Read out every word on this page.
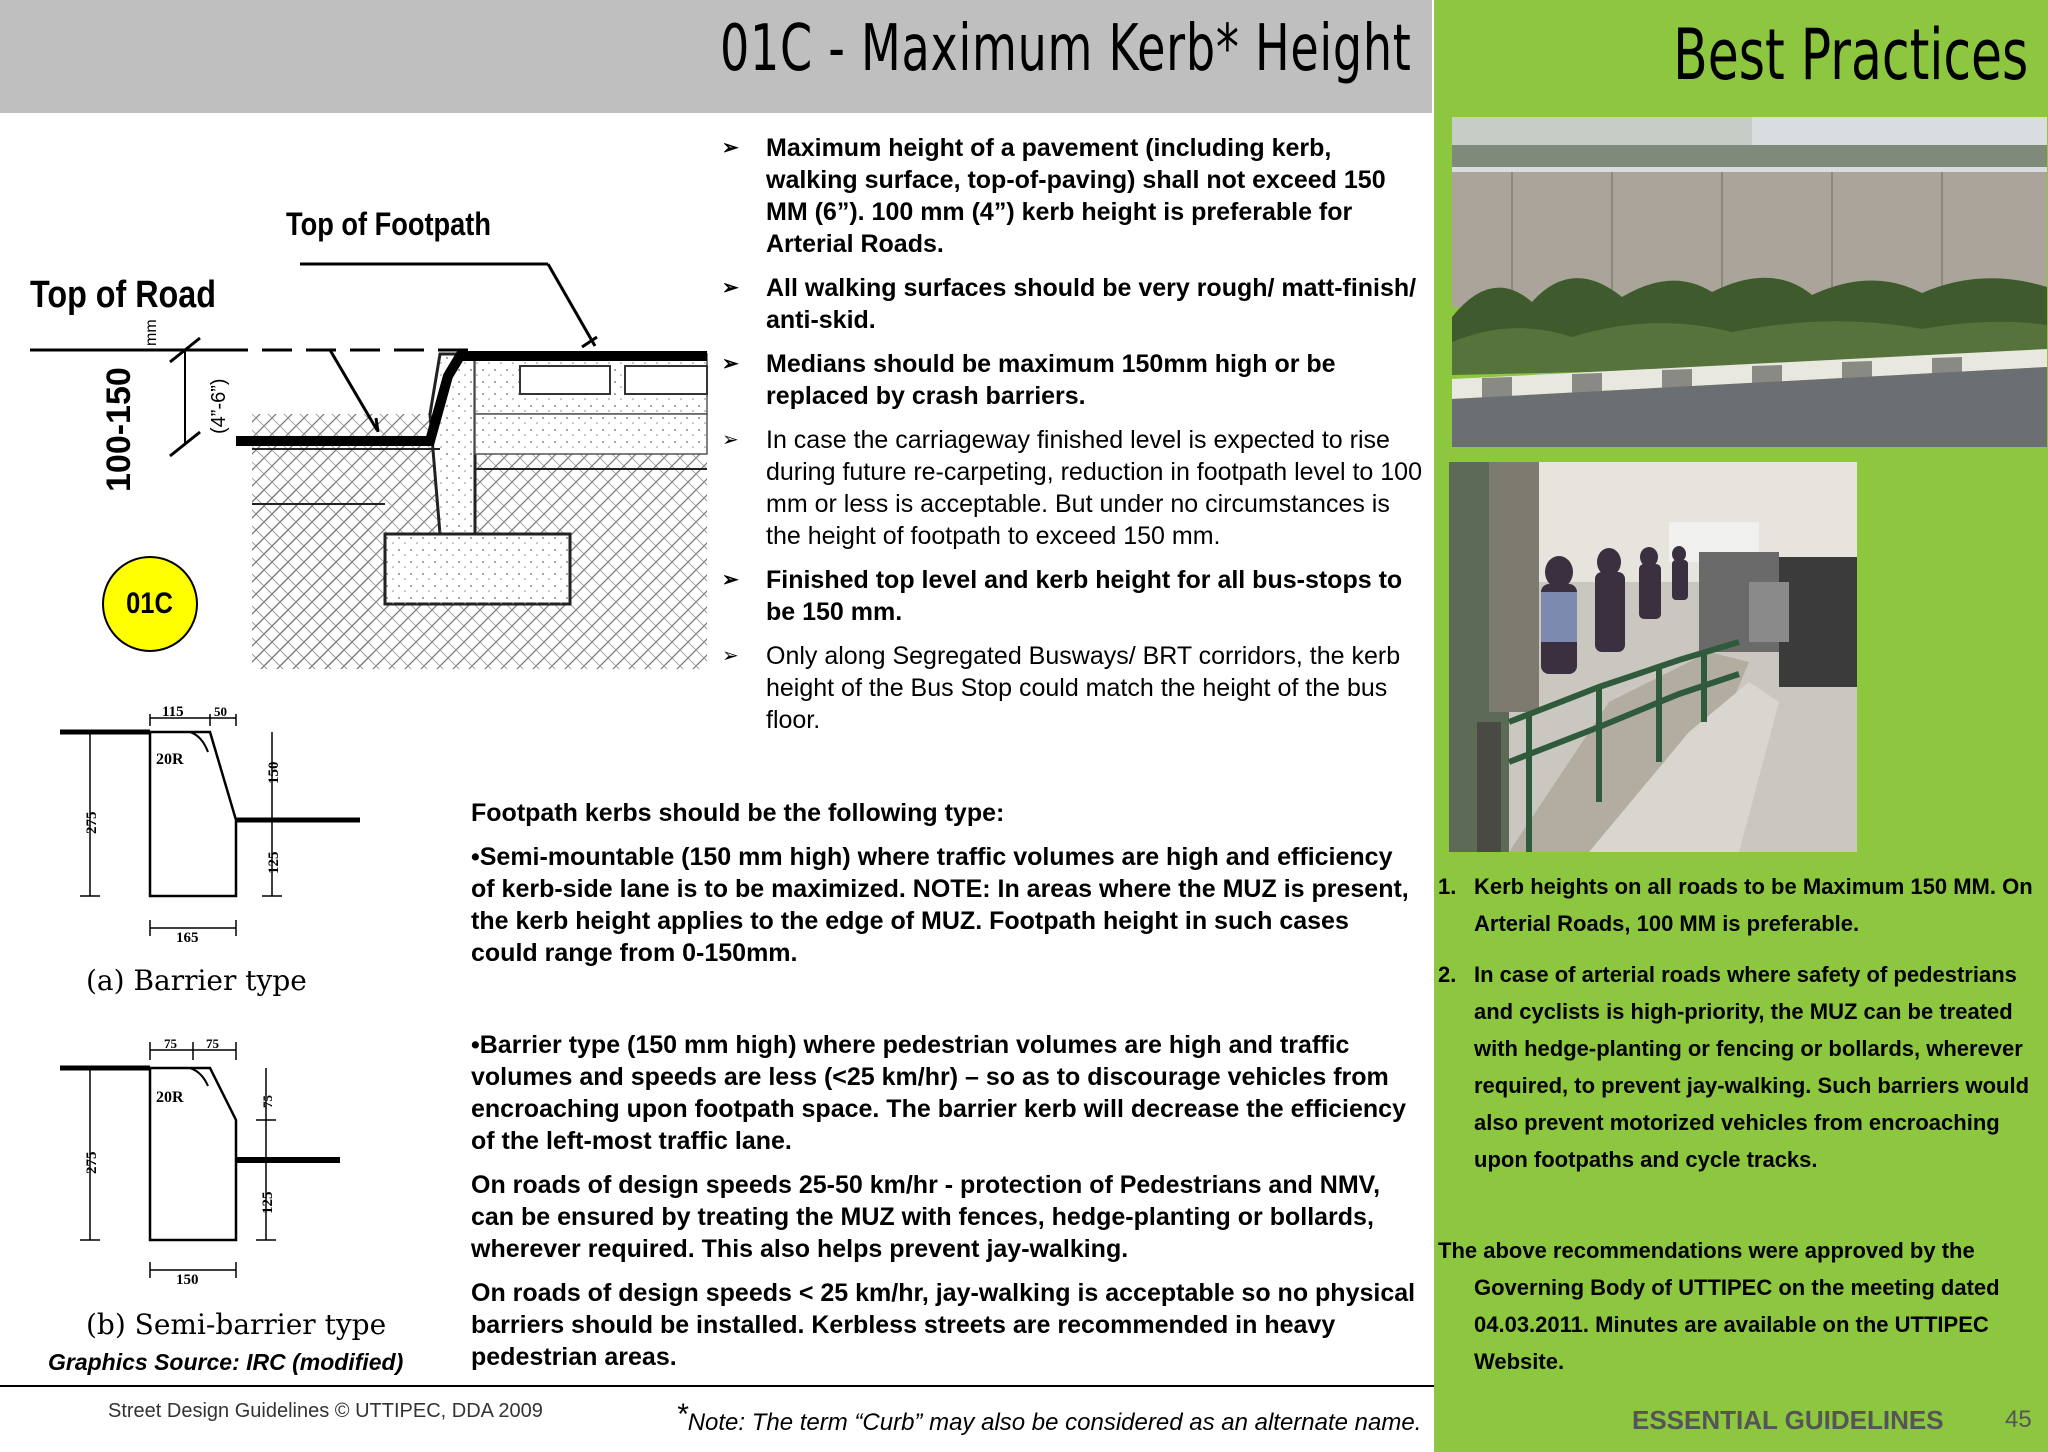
01C - Maximum Kerb* Height	Best Practices
➢ Maximum height of a pavement (including kerb, walking surface, top-of-paving) shall not exceed 150 MM (6”). 100 mm (4”) kerb height is preferable for Arterial Roads.
➢ All walking surfaces should be very rough/ matt-finish/ anti-skid.
➢ Medians should be maximum 150mm high or be replaced by crash barriers.
➢ In case the carriageway finished level is expected to rise during future re-carpeting, reduction in footpath level to 100 mm or less is acceptable. But under no circumstances is the height of footpath to exceed 150 mm.
➢ Finished top level and kerb height for all bus-stops to be 150 mm.
➢ Only along Segregated Busways/ BRT corridors, the kerb height of the Bus Stop could match the height of the bus floor.
Top of Footpath
Top of Road
100-150
mm
(4”-6”)
01C
115 50
20R
150
275
125
165
(a) Barrier type
75 75
20R	75
275
125
150
(b) Semi-barrier type
Graphics Source: IRC (modified)

Footpath kerbs should be the following type:

•Semi-mountable (150 mm high) where traffic volumes are high and efficiency of kerb-side lane is to be maximized. NOTE: In areas where the MUZ is present, the kerb height applies to the edge of MUZ. Footpath height in such cases could range from 0-150mm.

•Barrier type (150 mm high) where pedestrian volumes are high and traffic volumes and speeds are less (<25 km/hr) – so as to discourage vehicles from encroaching upon footpath space. The barrier kerb will decrease the efficiency of the left-most traffic lane.

On roads of design speeds 25-50 km/hr - protection of Pedestrians and NMV, can be ensured by treating the MUZ with fences, hedge-planting or bollards, wherever required. This also helps prevent jay-walking.

On roads of design speeds < 25 km/hr, jay-walking is acceptable so no physical barriers should be installed. Kerbless streets are recommended in heavy pedestrian areas.

1. Kerb heights on all roads to be Maximum 150 MM. On Arterial Roads, 100 MM is preferable.
2. In case of arterial roads where safety of pedestrians and cyclists is high-priority, the MUZ can be treated with hedge-planting or fencing or bollards, wherever required, to prevent jay-walking. Such barriers would also prevent motorized vehicles from encroaching upon footpaths and cycle tracks.
The above recommendations were approved by the
Governing Body of UTTIPEC on the meeting dated 04.03.2011. Minutes are available on the UTTIPEC Website.
Street Design Guidelines © UTTIPEC, DDA 2009	*Note: The term “Curb” may also be considered as an alternate name.	ESSENTIAL GUIDELINES	45
